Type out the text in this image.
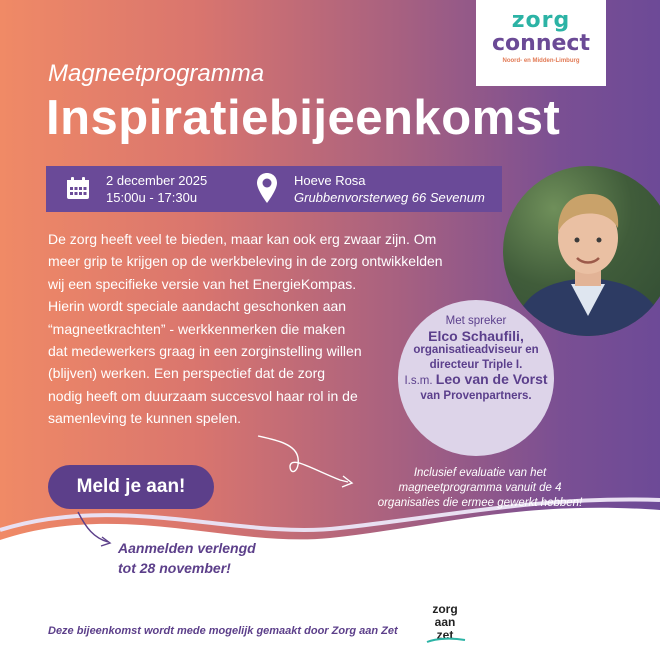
zorg
connect
Noord- en Midden-Limburg
Magneetprogramma
Inspiratiebijeenkomst
2 december 2025
15:00u - 17:30u
Hoeve Rosa
Grubbenvorsterweg 66 Sevenum

De zorg heeft veel te bieden, maar kan ook erg zwaar zijn. Om

meer grip te krijgen op de werkbeleving in de zorg ontwikkelden

wij een specifieke versie van het EnergieKompas.

Hierin wordt speciale aandacht geschonken aan

“magneetkrachten” - werkkenmerken die maken

dat medewerkers graag in een zorginstelling willen

(blijven) werken. Een perspectief dat de zorg

nodig heeft om duurzaam succesvol haar rol in de

samenleving te kunnen spelen.

Met spreker
Elco Schaufili,
organisatieadviseur en
directeur Triple I.
I.s.m. Leo van de Vorst
van Provenpartners.
Meld je aan!
Inclusief evaluatie van het
magneetprogramma vanuit de 4
organisaties die ermee gewerkt hebben!
Aanmelden verlengd
tot 28 november!
Deze bijeenkomst wordt mede mogelijk gemaakt door Zorg aan Zet
zorg
aan
zet
